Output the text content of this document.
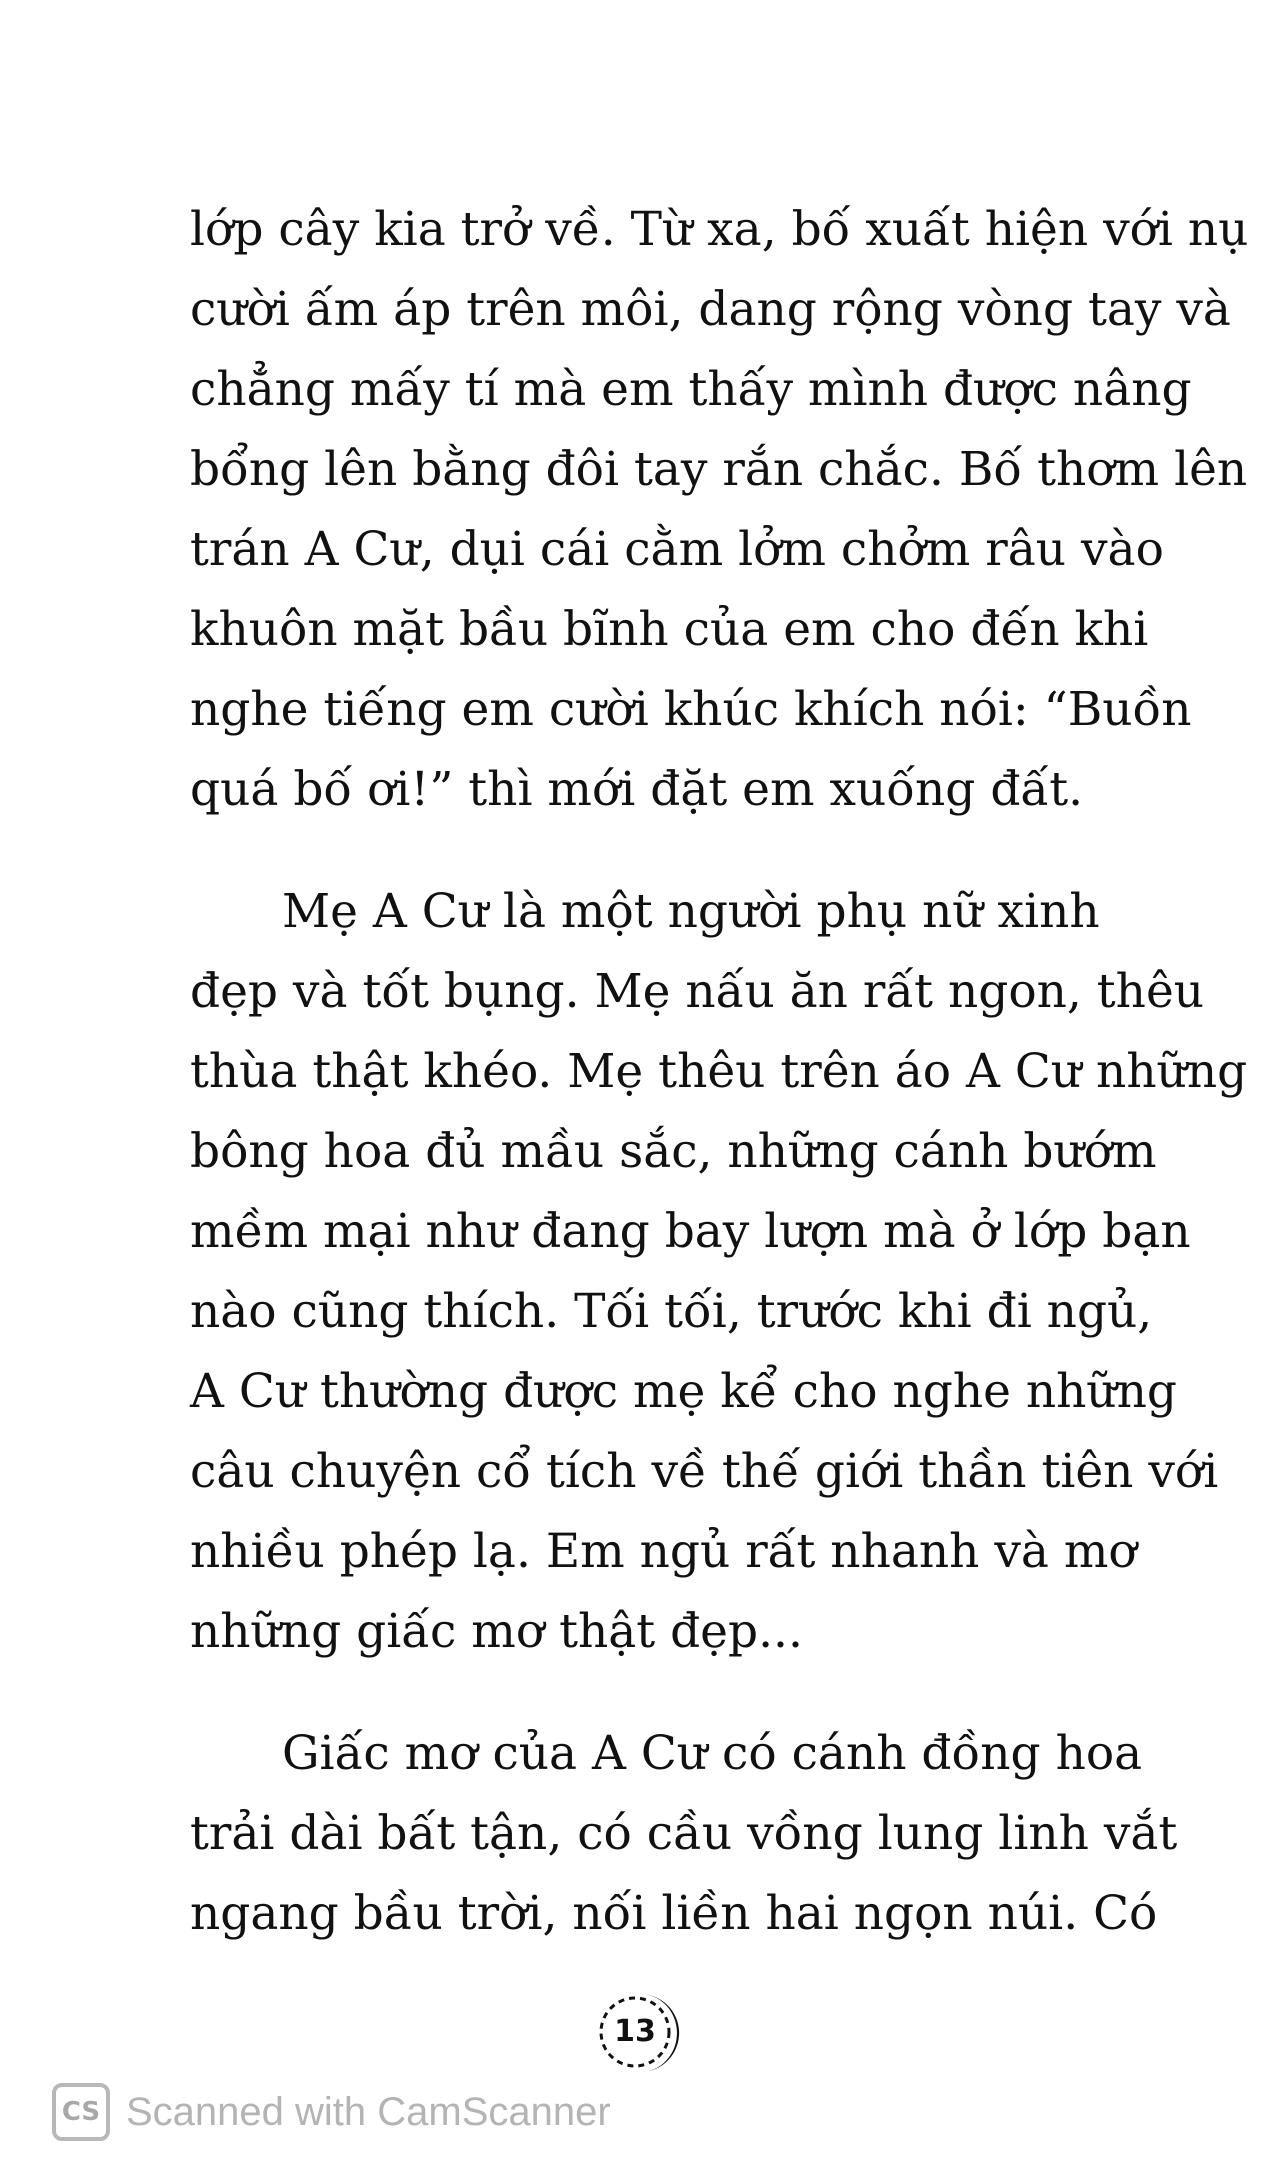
lớp cây kia trở về. Từ xa, bố xuất hiện với nụ
cười ấm áp trên môi, dang rộng vòng tay và
chẳng mấy tí mà em thấy mình được nâng
bổng lên bằng đôi tay rắn chắc. Bố thơm lên
trán A Cư, dụi cái cằm lởm chởm râu vào
khuôn mặt bầu bĩnh của em cho đến khi
nghe tiếng em cười khúc khích nói: “Buồn
quá bố ơi!” thì mới đặt em xuống đất.
Mẹ A Cư là một người phụ nữ xinh
đẹp và tốt bụng. Mẹ nấu ăn rất ngon, thêu
thùa thật khéo. Mẹ thêu trên áo A Cư những
bông hoa đủ mầu sắc, những cánh bướm
mềm mại như đang bay lượn mà ở lớp bạn
nào cũng thích. Tối tối, trước khi đi ngủ,
A Cư thường được mẹ kể cho nghe những
câu chuyện cổ tích về thế giới thần tiên với
nhiều phép lạ. Em ngủ rất nhanh và mơ
những giấc mơ thật đẹp...
Giấc mơ của A Cư có cánh đồng hoa
trải dài bất tận, có cầu vồng lung linh vắt
ngang bầu trời, nối liền hai ngọn núi. Có
13
CS Scanned with CamScanner
